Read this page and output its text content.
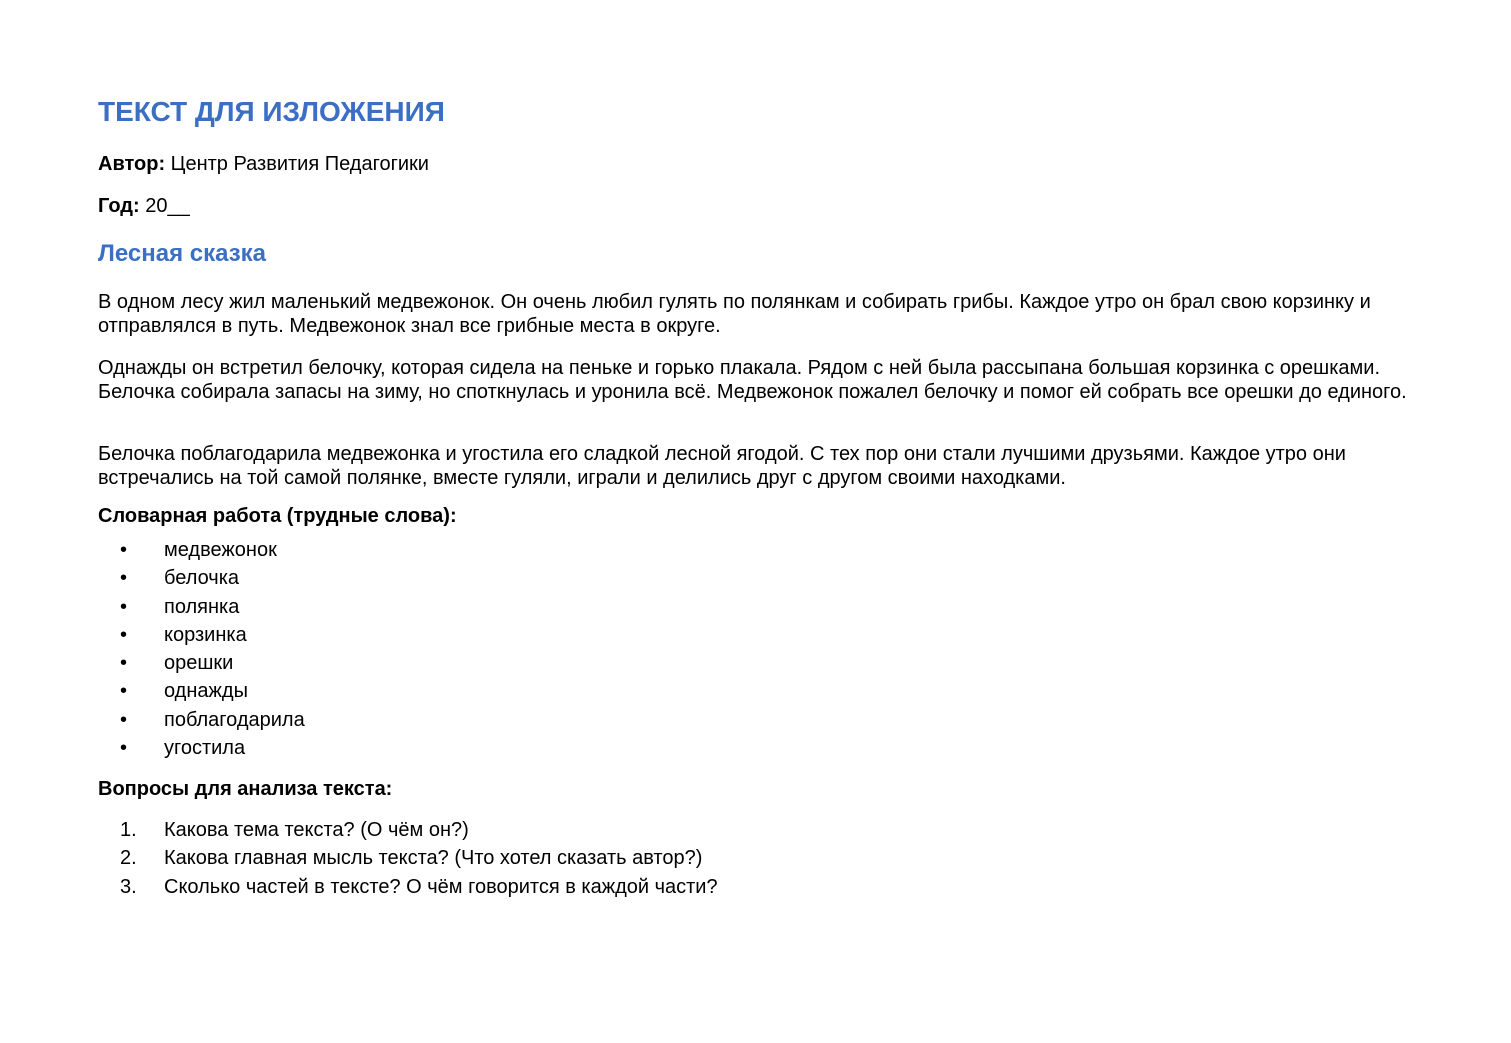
ТЕКСТ ДЛЯ ИЗЛОЖЕНИЯ

Автор: Центр Развития Педагогики

Год: 20__

Лесная сказка

В одном лесу жил маленький медвежонок. Он очень любил гулять по полянкам и собирать грибы. Каждое утро он брал свою корзинку и отправлялся в путь. Медвежонок знал все грибные места в округе.

Однажды он встретил белочку, которая сидела на пеньке и горько плакала. Рядом с ней была рассыпана большая корзинка с орешками. Белочка собирала запасы на зиму, но споткнулась и уронила всё. Медвежонок пожалел белочку и помог ей собрать все орешки до единого.

Белочка поблагодарила медвежонка и угостила его сладкой лесной ягодой. С тех пор они стали лучшими друзьями. Каждое утро они встречались на той самой полянке, вместе гуляли, играли и делились друг с другом своими находками.

Словарная работа (трудные слова):
• медвежонок
• белочка
• полянка
• корзинка
• орешки
• однажды
• поблагодарила
• угостила
Вопросы для анализа текста:
1. Какова тема текста? (О чём он?)
2. Какова главная мысль текста? (Что хотел сказать автор?)
3. Сколько частей в тексте? О чём говорится в каждой части?
